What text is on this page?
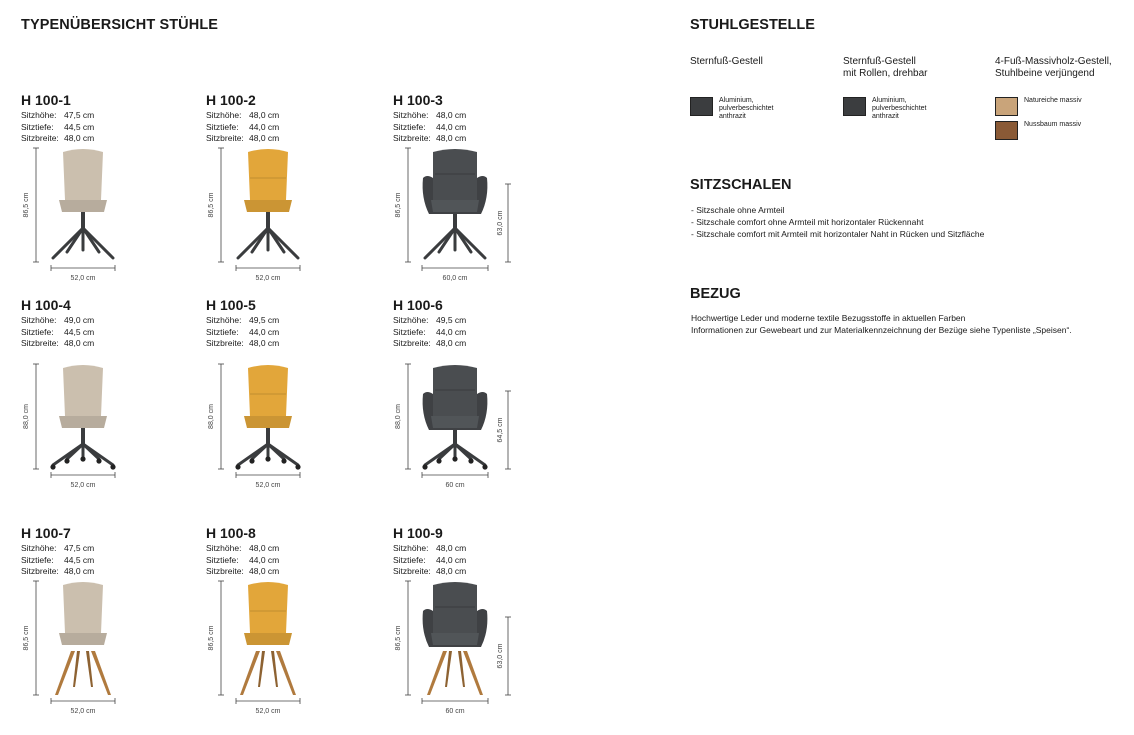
TYPENÜBERSICHT STÜHLE
H 100-1
Sitzhöhe: 47,5 cm
Sitztiefe:	44,5 cm
Sitzbreite: 48,0 cm
86,5 cm
52,0 cm
H 100-2
Sitzhöhe: 48,0 cm
Sitztiefe:	44,0 cm
Sitzbreite: 48,0 cm
86,5 cm
52,0 cm
H 100-3
Sitzhöhe: 48,0 cm
Sitztiefe:	44,0 cm
Sitzbreite: 48,0 cm
86,5 cm
60,0 cm
63,0 cm
H 100-4
Sitzhöhe: 49,0 cm
Sitztiefe:	44,5 cm
Sitzbreite: 48,0 cm
88,0 cm
52,0 cm
H 100-5
Sitzhöhe: 49,5 cm
Sitztiefe:	44,0 cm
Sitzbreite: 48,0 cm
88,0 cm
52,0 cm
H 100-6
Sitzhöhe: 49,5 cm
Sitztiefe:	44,0 cm
Sitzbreite: 48,0 cm
88,0 cm
60 cm
64,5 cm
H 100-7
Sitzhöhe: 47,5 cm
Sitztiefe:	44,5 cm
Sitzbreite: 48,0 cm
86,5 cm
52,0 cm
H 100-8
Sitzhöhe: 48,0 cm
Sitztiefe:	44,0 cm
Sitzbreite: 48,0 cm
86,5 cm
52,0 cm
H 100-9
Sitzhöhe: 48,0 cm
Sitztiefe:	44,0 cm
Sitzbreite: 48,0 cm
86,5 cm
60 cm
63,0 cm
STUHLGESTELLE
Sternfuß-Gestell
Aluminium,
pulverbeschichtet
anthrazit
Sternfuß-Gestell
mit Rollen, drehbar
Aluminium,
pulverbeschichtet
anthrazit
4-Fuß-Massivholz-Gestell,
Stuhlbeine verjüngend
Natureiche massiv
Nussbaum massiv
SITZSCHALEN
- Sitzschale ohne Armteil
- Sitzschale comfort ohne Armteil mit horizontaler Rückennaht
- Sitzschale comfort mit Armteil mit horizontaler Naht in Rücken und Sitzfläche
BEZUG
Hochwertige Leder und moderne textile Bezugsstoffe in aktuellen Farben
Informationen zur Gewebeart und zur Materialkennzeichnung der Bezüge siehe Typenliste „Speisen“.
